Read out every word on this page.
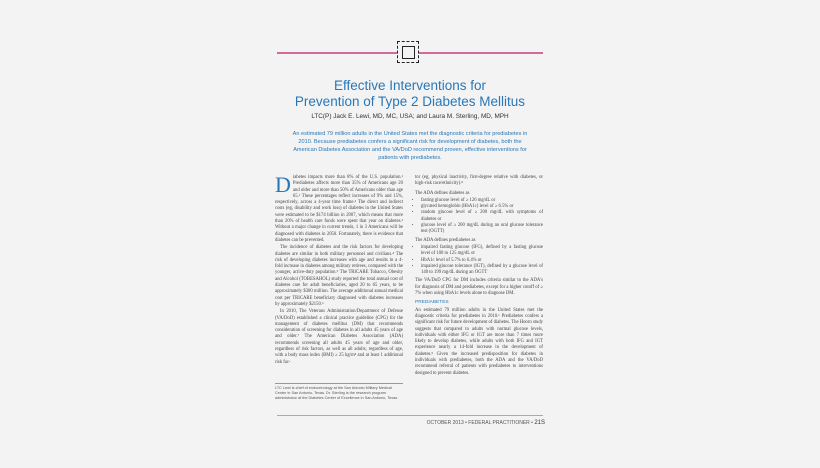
Effective Interventions for
Prevention of Type 2 Diabetes Mellitus
LTC(P) Jack E. Lewi, MD, MC, USA; and Laura M. Sterling, MD, MPH
An estimated 79 million adults in the United States met the diagnostic criteria for prediabetes in 2010. Because prediabetes confers a significant risk for development of diabetes, both the American Diabetes Association and the VA/DoD recommend proven, effective interventions for patients with prediabetes.

Diabetes impacts more than 8% of the U.S. population.¹ Prediabetes affects more than 35% of Americans age 20 and older and more than 50% of Americans older than age 65.¹ These percentages reflect increases of 9% and 15%, respectively, across a 4-year time frame.² The direct and indirect costs (eg, disability and work loss) of diabetes in the United States were estimated to be $174 billion in 2007, which means that more than 20% of health care funds were spent that year on diabetes.³ Without a major change in current trends, 1 in 3 Americans will be diagnosed with diabetes in 2050. Fortunately, there is evidence that diabetes can be prevented.

The incidence of diabetes and the risk factors for developing diabetes are similar in both military personnel and civilians.⁴ The risk of developing diabetes increases with age and results in a 4-fold increase in diabetes among military retirees, compared with the younger, active-duty population.⁵ The TRICARE Tobacco, Obesity and Alcohol (TOBESAHOL) study reported the total annual cost of diabetes care for adult beneficiaries, aged 20 to 65 years, to be approximately $300 million. The average additional annual medical cost per TRICARE beneficiary diagnosed with diabetes increases by approximately $2150.⁶

In 2010, The Veterans Administration/Department of Defense (VA/DoD) established a clinical practice guideline (CPG) for the management of diabetes mellitus (DM) that recommends consideration of screening for diabetes in all adults 45 years of age and older.⁷ The American Diabetes Association (ADA) recommends screening all adults 45 years of age and older, regardless of risk factors, as well as all adults, regardless of age, with a body mass index (BMI) ≥ 25 kg/m² and at least 1 additional risk fac-

LTC Lewi is chief of endocrinology at the San Antonio Military Medical Center in San Antonio, Texas. Dr. Sterling is the research program administrator at the Diabetes Center of Excellence in San Antonio, Texas.

tor (eg, physical inactivity, first-degree relative with diabetes, or high-risk race/ethnicity).⁸

The ADA defines diabetes as

• fasting glucose level of ≥ 126 mg/dL or
• glycated hemoglobin (HbA1c) level of ≥ 6.5% or
• random glucose level of ≥ 200 mg/dL with symptoms of diabetes or
• glucose level of ≥ 200 mg/dL during an oral glucose tolerance test (OGTT)

The ADA defines prediabetes as

• impaired fasting glucose (IFG), defined by a fasting glucose level of 100 to 125 mg/dL or
• HbA1c level of 5.7% to 6.4% or
• impaired glucose tolerance (IGT), defined by a glucose level of 140 to 199 mg/dL during an OGTT

The VA/DoD CPG for DM includes criteria similar to the ADA's for diagnosis of DM and prediabetes, except for a higher cutoff of ≥ 7% when using HbA1c levels alone to diagnose DM.

PREDIABETES

An estimated 79 million adults in the United States met the diagnostic criteria for prediabetes in 2010.¹ Prediabetes confers a significant risk for future development of diabetes. The Hoorn study suggests that compared to adults with normal glucose levels, individuals with either IFG or IGT are more than 7 times more likely to develop diabetes, while adults with both IFG and IGT experience nearly a 14-fold increase in the development of diabetes.⁹ Given the increased predisposition for diabetes in individuals with prediabetes, both the ADA and the VA/DoD recommend referral of patients with prediabetes to interventions designed to prevent diabetes.

OCTOBER 2013 • FEDERAL PRACTITIONER • 21S
